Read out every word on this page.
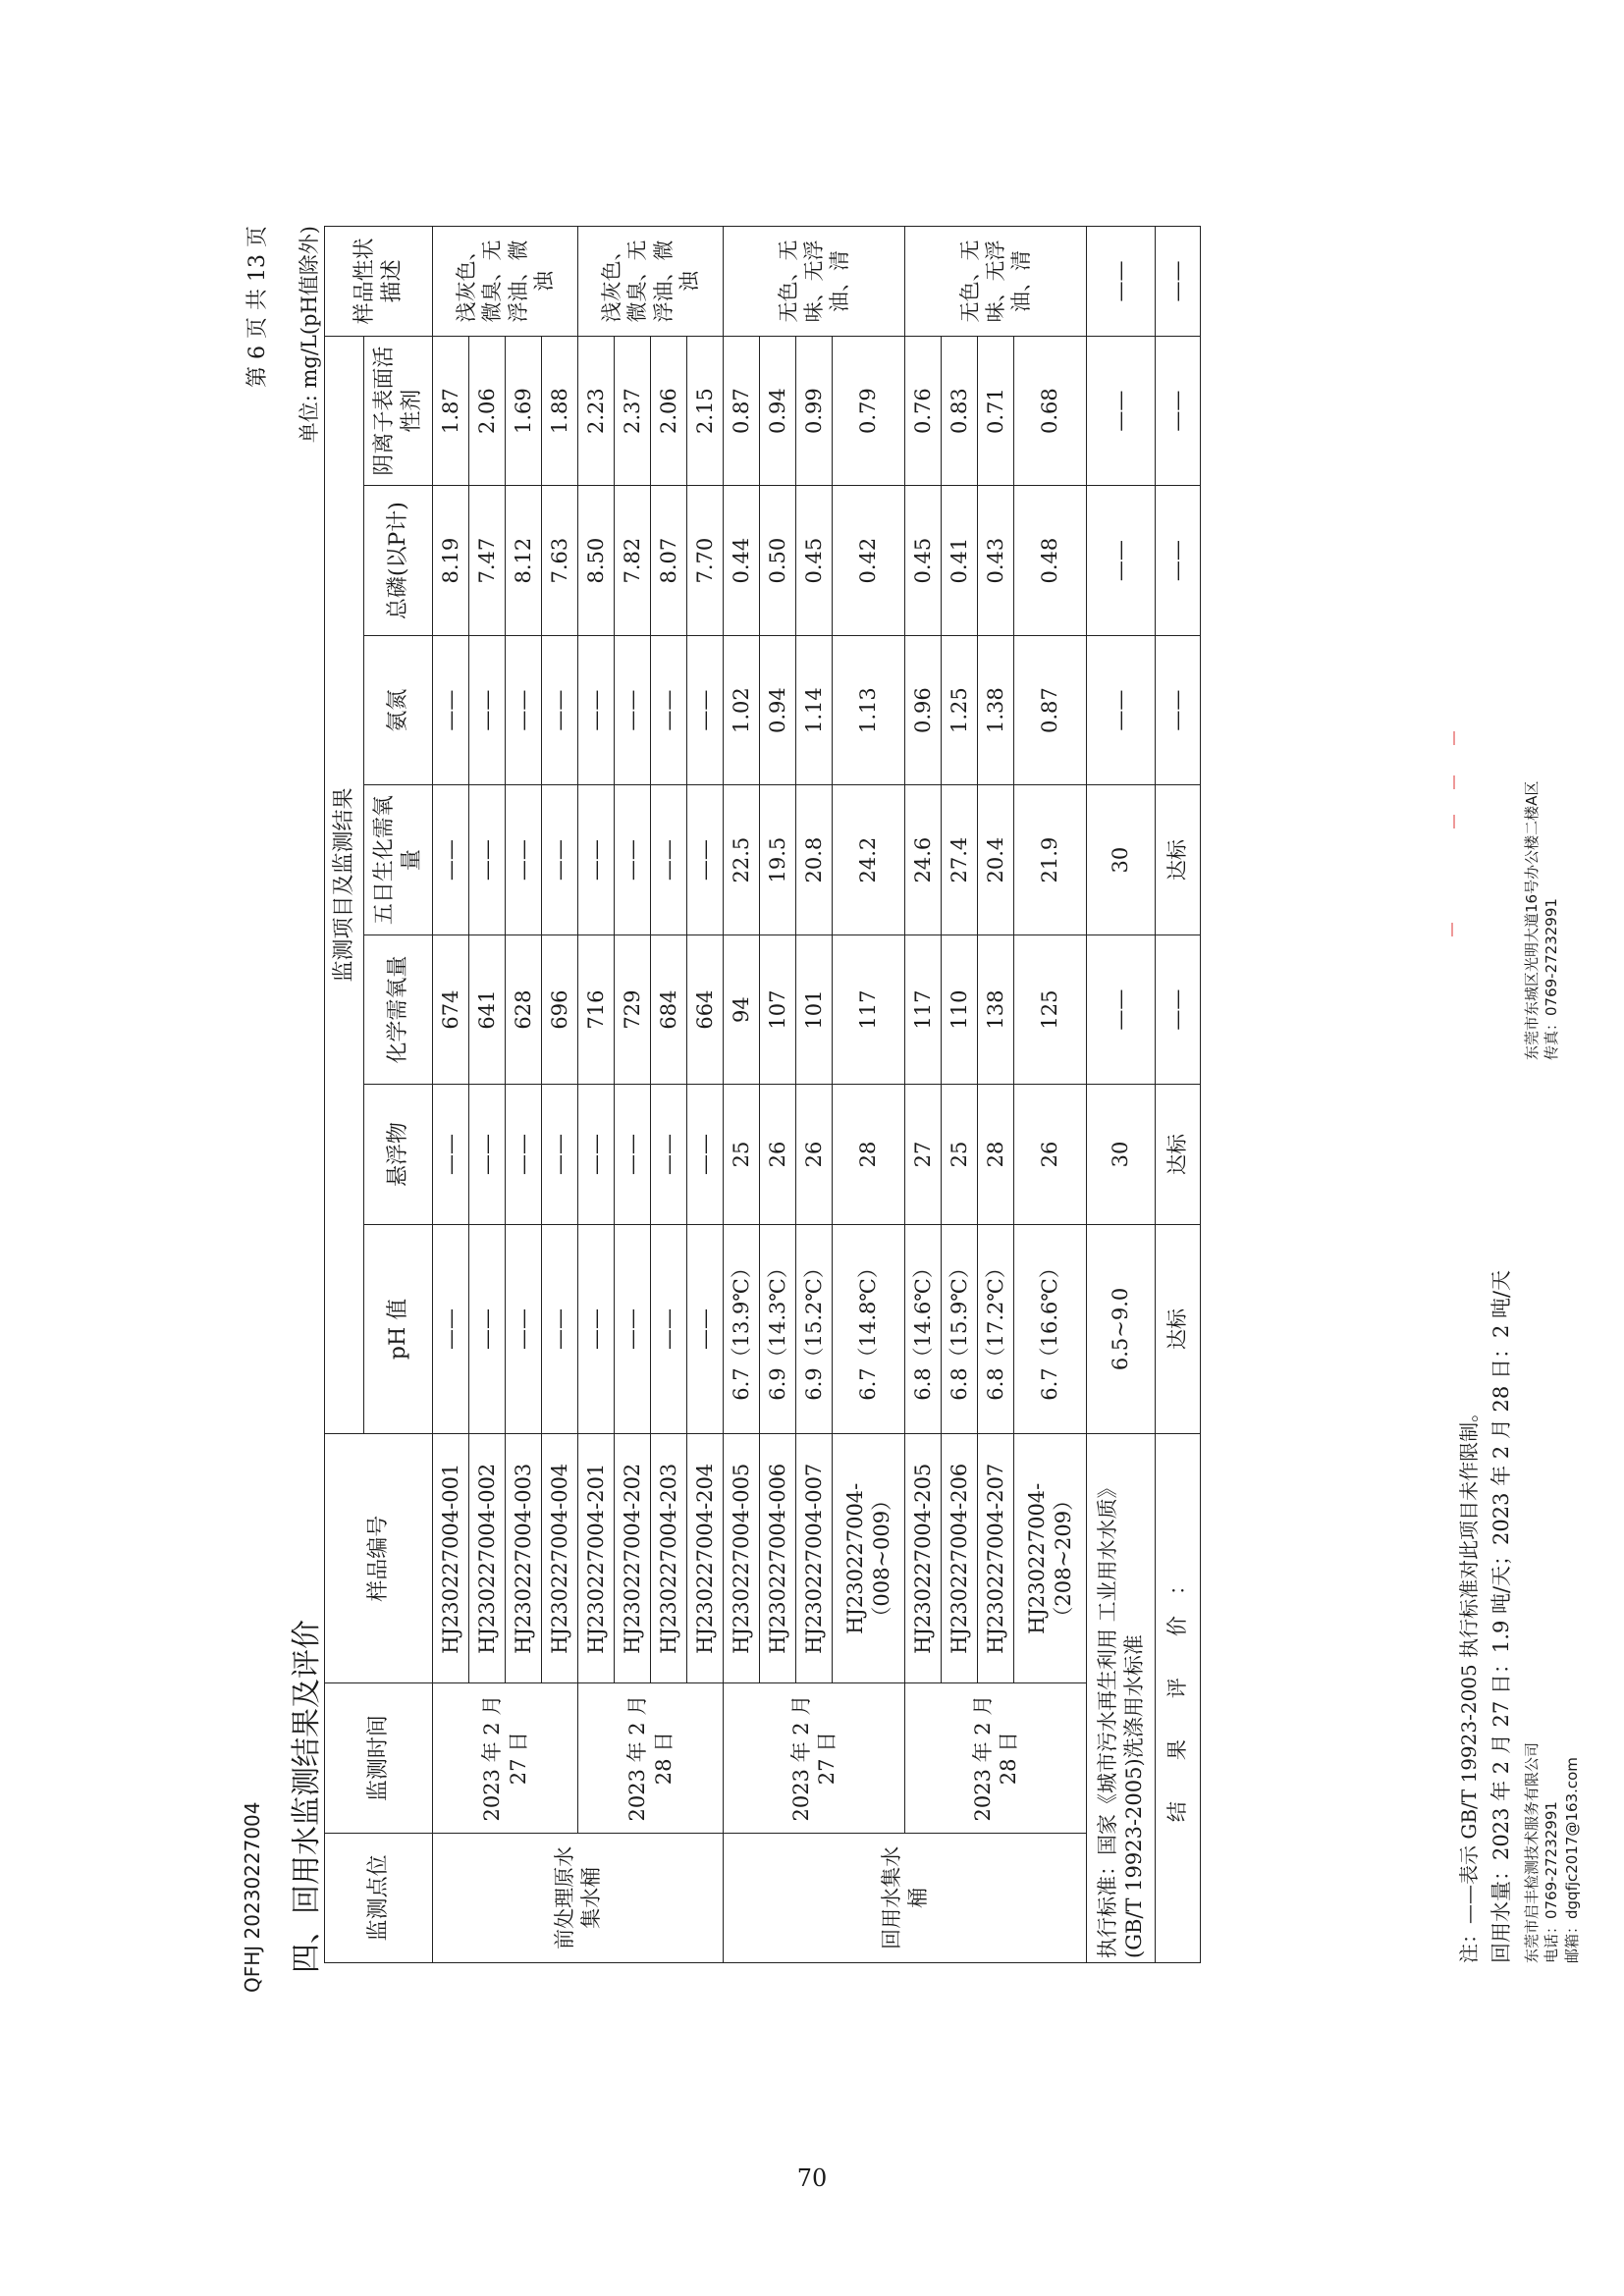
QFHJ 20230227004
第 6 页 共 13 页
四、回用水监测结果及评价
单位: mg/L(pH值除外)
监测点位	监测时间	样品编号	监测项目及监测结果							样品性状描述
			pH 值	悬浮物	化学需氧量	五日生化需氧量	氨氮	总磷(以P计)	阴离子表面活性剂	
前处理原水集水桶	2023 年 2 月 27 日	HJ230227004-001	——	——	674	——	——	8.19	1.87	浅灰色、微臭、无浮油、微浊
		HJ230227004-002	——	——	641	——	——	7.47	2.06	
		HJ230227004-003	——	——	628	——	——	8.12	1.69	
		HJ230227004-004	——	——	696	——	——	7.63	1.88	
	2023 年 2 月 28 日	HJ230227004-201	——	——	716	——	——	8.50	2.23	浅灰色、微臭、无浮油、微浊
		HJ230227004-202	——	——	729	——	——	7.82	2.37	
		HJ230227004-203	——	——	684	——	——	8.07	2.06	
		HJ230227004-204	——	——	664	——	——	7.70	2.15	
回用水集水桶	2023 年 2 月 27 日	HJ230227004-005	6.7（13.9℃）	25	94	22.5	1.02	0.44	0.87	无色、无味、无浮油、清
		HJ230227004-006	6.9（14.3℃）	26	107	19.5	0.94	0.50	0.94	
		HJ230227004-007	6.9（15.2℃）	26	101	20.8	1.14	0.45	0.99	
		HJ230227004-（008~009）	6.7（14.8℃）	28	117	24.2	1.13	0.42	0.79	
	2023 年 2 月 28 日	HJ230227004-205	6.8（14.6℃）	27	117	24.6	0.96	0.45	0.76	无色、无味、无浮油、清
		HJ230227004-206	6.8（15.9℃）	25	110	27.4	1.25	0.41	0.83	
		HJ230227004-207	6.8（17.2℃）	28	138	20.4	1.38	0.43	0.71	
		HJ230227004-（208~209）	6.7（16.6℃）	26	125	21.9	0.87	0.48	0.68	
执行标准：国家《城市污水再生利用 工业用水水质》(GB/T 19923-2005)洗涤用水标准			6.5~9.0	30	——	30	——	——	——	——
结　　果　　评　　价　：			达标	达标	——	达标	——	——	——	——
注：——表示 GB/T 19923-2005 执行标准对此项目未作限制。 回用水量：2023 年 2 月 27 日：1.9 吨/天；2023 年 2 月 28 日：2 吨/天 东莞市启丰检测技术服务有限公司 电话：0769-27232991 邮箱：dgqfjc2017@163.com
东莞市东城区光明大道16号办公楼二楼A区 传真：0769-27232991
70
